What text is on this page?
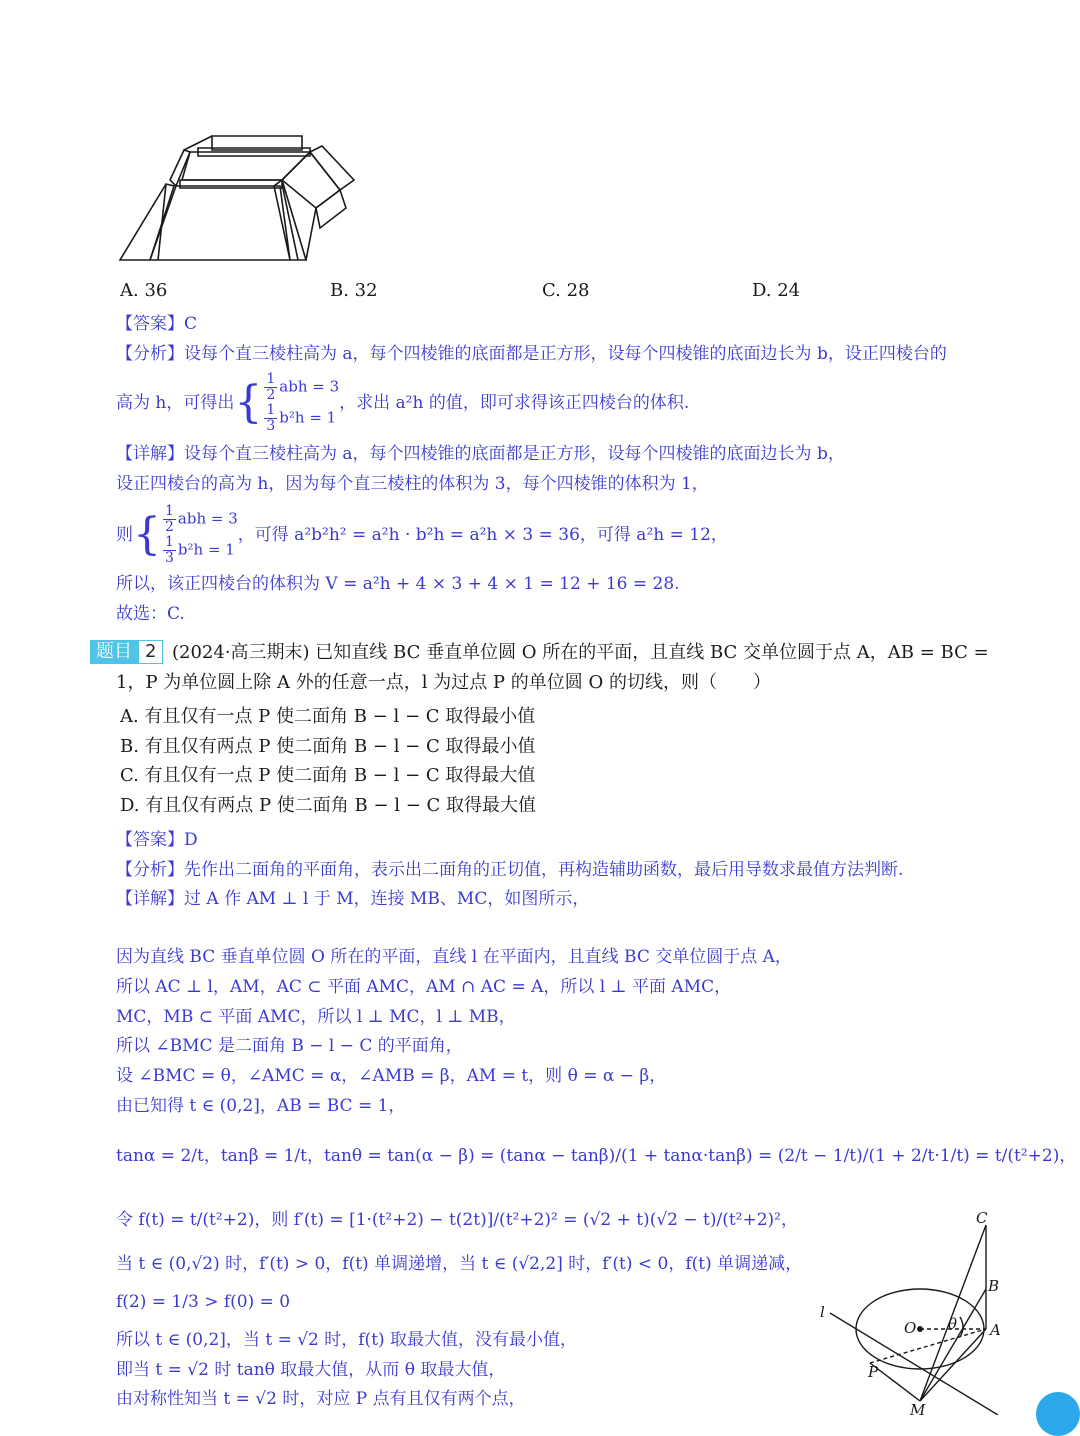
A. 36	B. 32	C. 28	D. 24
【答案】C
【分析】设每个直三棱柱高为 a，每个四棱锥的底面都是正方形，设每个四棱锥的底面边长为 b，设正四棱台的
高为 h，可得出 { $\frac{1}{2}$ abh = 3
$\frac{1}{3} b^2h = 1$
，求出 a²h 的值，即可求得该正四棱台的体积.
【详解】设每个直三棱柱高为 a，每个四棱锥的底面都是正方形，设每个四棱锥的底面边长为 b，
设正四棱台的高为 h，因为每个直三棱柱的体积为 3，每个四棱锥的体积为 1，
则 { $\frac{1}{2}$ abh = 3
$\frac{1}{3} b^2h = 1$
，可得 a²b²h² = a²h · b²h = a²h × 3 = 36，可得 a²h = 12，
所以，该正四棱台的体积为 V = a²h + 4 × 3 + 4 × 1 = 12 + 16 = 28.
故选：C.
题目 2 (2024·高三期末) 已知直线 BC 垂直单位圆 O 所在的平面，且直线 BC 交单位圆于点 A，AB = BC =
1，P 为单位圆上除 A 外的任意一点，l 为过点 P 的单位圆 O 的切线，则（　　）
A. 有且仅有一点 P 使二面角 B − l − C 取得最小值
B. 有且仅有两点 P 使二面角 B − l − C 取得最小值
C. 有且仅有一点 P 使二面角 B − l − C 取得最大值
D. 有且仅有两点 P 使二面角 B − l − C 取得最大值
【答案】D
【分析】先作出二面角的平面角，表示出二面角的正切值，再构造辅助函数，最后用导数求最值方法判断.
【详解】过 A 作 AM ⊥ l 于 M，连接 MB、MC，如图所示，
因为直线 BC 垂直单位圆 O 所在的平面，直线 l 在平面内，且直线 BC 交单位圆于点 A，
所以 AC ⊥ l，AM，AC ⊂ 平面 AMC，AM ∩ AC = A，所以 l ⊥ 平面 AMC，
MC，MB ⊂ 平面 AMC，所以 l ⊥ MC，l ⊥ MB，
所以 ∠BMC 是二面角 B − l − C 的平面角，
设 ∠BMC = θ，∠AMC = α，∠AMB = β，AM = t，则 θ = α − β，
由已知得 t ∈ (0,2]，AB = BC = 1，
tanα = 2/t，tanβ = 1/t，tanθ = tan(α − β) = (tanα − tanβ)/(1 + tanα·tanβ) = (2/t − 1/t)/(1 + 2/t·1/t) = t/(t²+2)，
令 f(t) = t/(t²+2)，则 f′(t) = [1·(t²+2) − t(2t)]/(t²+2)² = (√2 + t)(√2 − t)/(t²+2)²，
当 t ∈ (0,√2) 时，f′(t) > 0，f(t) 单调递增，当 t ∈ (√2,2] 时，f′(t) < 0，f(t) 单调递减，
f(2) = 1/3 > f(0) = 0
所以 t ∈ (0,2]，当 t = √2 时，f(t) 取最大值，没有最小值，
即当 t = √2 时 tanθ 取最大值，从而 θ 取最大值，
由对称性知当 t = √2 时，对应 P 点有且仅有两个点，
C
B
A
O θ
l
P
M
